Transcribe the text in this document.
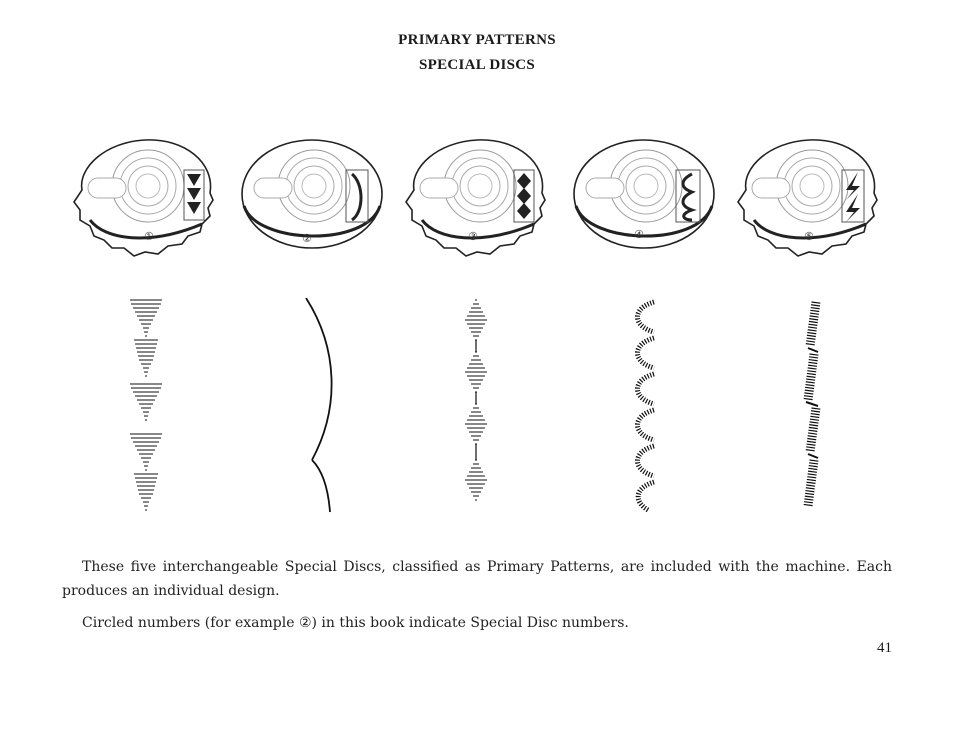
PRIMARY PATTERNS
SPECIAL DISCS
①	②	③	④	⑤

These five interchangeable Special Discs, classified as Primary Patterns, are included with the machine. Each produces an individual design.

Circled numbers (for example ②) in this book indicate Special Disc numbers.

41
